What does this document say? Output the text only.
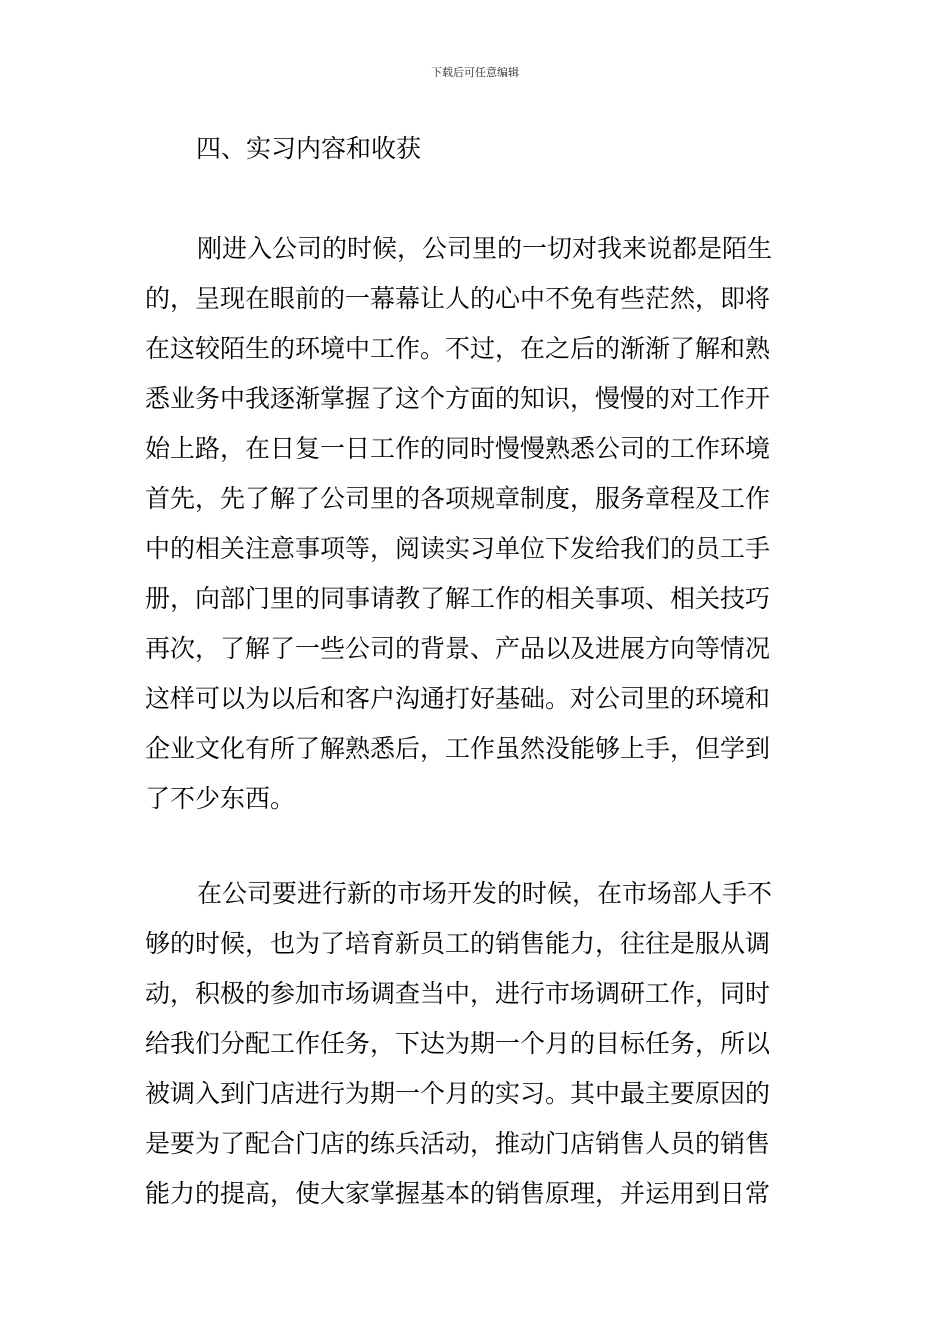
下载后可任意编辑
四、实习内容和收获
刚进入公司的时候，公司里的一切对我来说都是陌生
的，呈现在眼前的一幕幕让人的心中不免有些茫然，即将
在这较陌生的环境中工作。不过，在之后的渐渐了解和熟
悉业务中我逐渐掌握了这个方面的知识，慢慢的对工作开
始上路，在日复一日工作的同时慢慢熟悉公司的工作环境
首先，先了解了公司里的各项规章制度，服务章程及工作
中的相关注意事项等，阅读实习单位下发给我们的员工手
册，向部门里的同事请教了解工作的相关事项、相关技巧
再次，了解了一些公司的背景、产品以及进展方向等情况
这样可以为以后和客户沟通打好基础。对公司里的环境和
企业文化有所了解熟悉后，工作虽然没能够上手，但学到
了不少东西。
在公司要进行新的市场开发的时候，在市场部人手不
够的时候，也为了培育新员工的销售能力，往往是服从调
动，积极的参加市场调查当中，进行市场调研工作，同时
给我们分配工作任务，下达为期一个月的目标任务，所以
被调入到门店进行为期一个月的实习。其中最主要原因的
是要为了配合门店的练兵活动，推动门店销售人员的销售
能力的提高，使大家掌握基本的销售原理，并运用到日常
